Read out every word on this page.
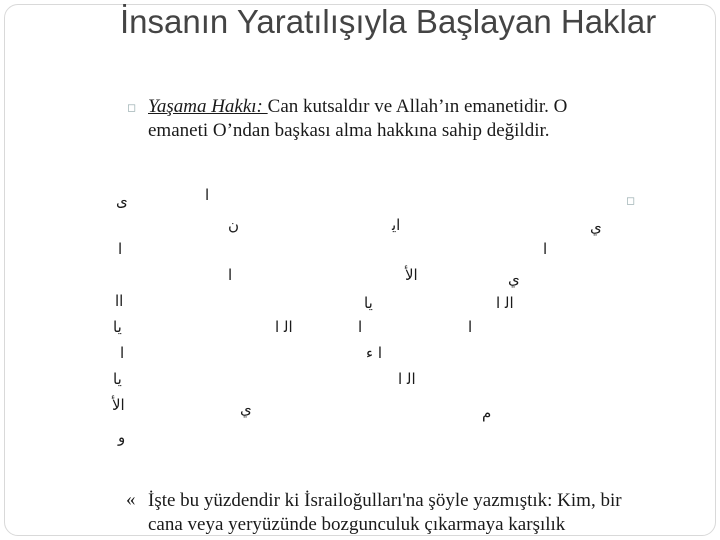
İnsanın Yaratılışıyla Başlayan Haklar
◻ Yaşama Hakkı: Can kutsaldır ve Allah’ın emanetidir. O
emaneti O’ndan başkası alma hakkına sahip değildir.
◻
ى	ا
ن	اﻳ	ي
ا	ا
ا	اﻷ	ي
اا	ﻳﺎ	اﻟ ا
ﻳﺎ
ا
اﻟ ا	ا	ا
ا ء
ﻳﺎ	اﻟ ا
اﻷ	ي	م
و
« İşte bu yüzdendir ki İsrailoğulları'na şöyle yazmıştık: Kim, bir
cana veya yeryüzünde bozgunculuk çıkarmaya karşılık
